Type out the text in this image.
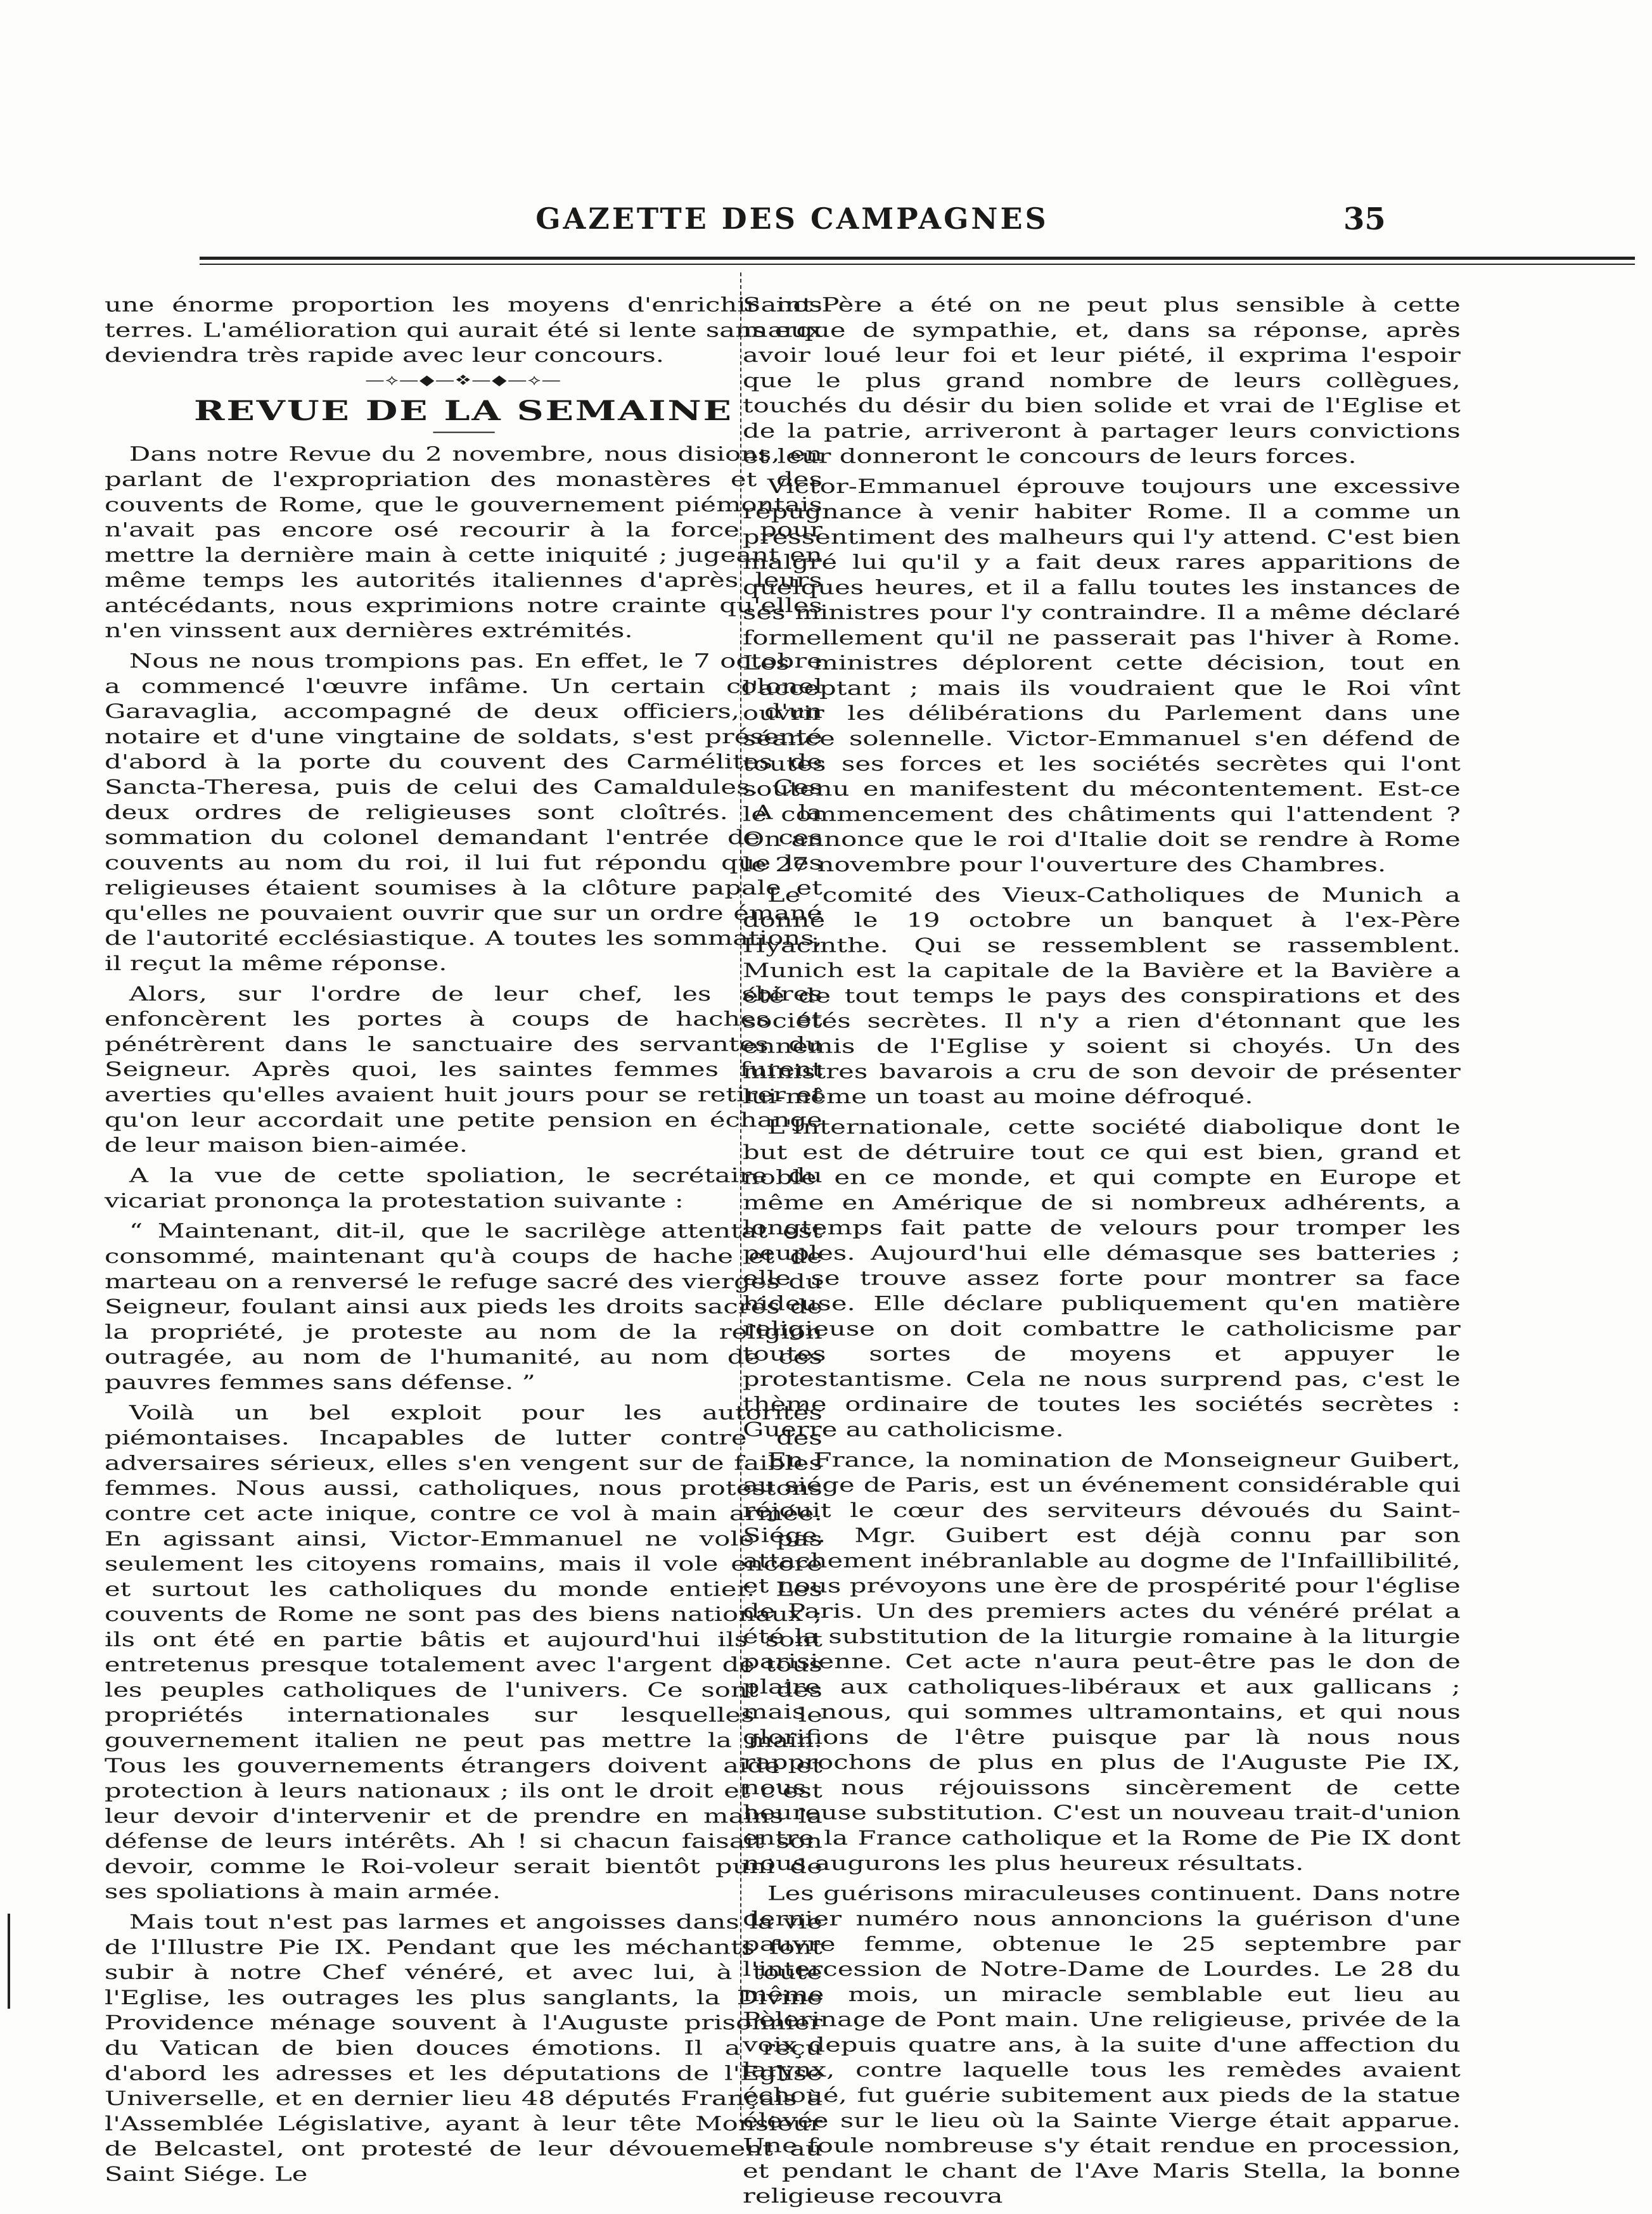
GAZETTE DES CAMPAGNES	35

une énorme proportion les moyens d'enrichir nos terres. L'amélioration qui aurait été si lente sans eux deviendra très rapide avec leur concours.

—⟡—◆—❖—◆—⟡—
REVUE DE LA SEMAINE

Dans notre Revue du 2 novembre, nous disions, en parlant de l'expropriation des monastères et des couvents de Rome, que le gouvernement piémontais n'avait pas encore osé recourir à la force pour mettre la dernière main à cette iniquité ; jugeant en même temps les autorités italiennes d'après leurs antécédants, nous exprimions notre crainte qu'elles n'en vinssent aux dernières extrémités.

Nous ne nous trompions pas. En effet, le 7 octobre a commencé l'œuvre infâme. Un certain colonel Garavaglia, accompagné de deux officiers, d'un notaire et d'une vingtaine de soldats, s'est présenté d'abord à la porte du couvent des Carmélites de Sancta-Theresa, puis de celui des Camaldules. Ces deux ordres de religieuses sont cloîtrés. A la sommation du colonel demandant l'entrée de ces couvents au nom du roi, il lui fut répondu que les religieuses étaient soumises à la clôture papale et qu'elles ne pouvaient ouvrir que sur un ordre émané de l'autorité ecclésiastique. A toutes les sommations, il reçut la même réponse.

Alors, sur l'ordre de leur chef, les sbires enfoncèrent les portes à coups de haches et pénétrèrent dans le sanctuaire des servantes du Seigneur. Après quoi, les saintes femmes furent averties qu'elles avaient huit jours pour se retirer et qu'on leur accordait une petite pension en échange de leur maison bien-aimée.

A la vue de cette spoliation, le secrétaire du vicariat prononça la protestation suivante :

“ Maintenant, dit-il, que le sacrilège attentat est consommé, maintenant qu'à coups de hache et de marteau on a renversé le refuge sacré des vierges du Seigneur, foulant ainsi aux pieds les droits sacrés de la propriété, je proteste au nom de la religion outragée, au nom de l'humanité, au nom de ces pauvres femmes sans défense. ”

Voilà un bel exploit pour les autorités piémontaises. Incapables de lutter contre des adversaires sérieux, elles s'en vengent sur de faibles femmes. Nous aussi, catholiques, nous protestons contre cet acte inique, contre ce vol à main armée. En agissant ainsi, Victor-Emmanuel ne vole pas seulement les citoyens romains, mais il vole encore et surtout les catholiques du monde entier. Les couvents de Rome ne sont pas des biens nationaux ; ils ont été en partie bâtis et aujourd'hui ils sont entretenus presque totalement avec l'argent de tous les peuples catholiques de l'univers. Ce sont des propriétés internationales sur lesquelles le gouvernement italien ne peut pas mettre la main. Tous les gouvernements étrangers doivent aide et protection à leurs nationaux ; ils ont le droit et c'est leur devoir d'intervenir et de prendre en mains la défense de leurs intérêts. Ah ! si chacun faisait son devoir, comme le Roi-voleur serait bientôt puni de ses spoliations à main armée.

Mais tout n'est pas larmes et angoisses dans la vie de l'Illustre Pie IX. Pendant que les méchants font subir à notre Chef vénéré, et avec lui, à toute l'Eglise, les outrages les plus sanglants, la Divine Providence ménage souvent à l'Auguste prisonnier du Vatican de bien douces émotions. Il a reçu d'abord les adresses et les députations de l'Eglise Universelle, et en dernier lieu 48 députés Français à l'Assemblée Législative, ayant à leur tête Monsieur de Belcastel, ont protesté de leur dévouement au Saint Siége. Le

Saint-Père a été on ne peut plus sensible à cette marque de sympathie, et, dans sa réponse, après avoir loué leur foi et leur piété, il exprima l'espoir que le plus grand nombre de leurs collègues, touchés du désir du bien solide et vrai de l'Eglise et de la patrie, arriveront à partager leurs convictions et leur donneront le concours de leurs forces.

Victor-Emmanuel éprouve toujours une excessive répugnance à venir habiter Rome. Il a comme un pressentiment des malheurs qui l'y attend. C'est bien malgré lui qu'il y a fait deux rares apparitions de quelques heures, et il a fallu toutes les instances de ses ministres pour l'y contraindre. Il a même déclaré formellement qu'il ne passerait pas l'hiver à Rome. Les ministres déplorent cette décision, tout en l'acceptant ; mais ils voudraient que le Roi vînt ouvrir les délibérations du Parlement dans une séance solennelle. Victor-Emmanuel s'en défend de toutes ses forces et les sociétés secrètes qui l'ont soutenu en manifestent du mécontentement. Est-ce le commencement des châtiments qui l'attendent ? On annonce que le roi d'Italie doit se rendre à Rome le 27 novembre pour l'ouverture des Chambres.

Le comité des Vieux-Catholiques de Munich a donné le 19 octobre un banquet à l'ex-Père Hyacinthe. Qui se ressemblent se rassemblent. Munich est la capitale de la Bavière et la Bavière a été de tout temps le pays des conspirations et des sociétés secrètes. Il n'y a rien d'étonnant que les ennemis de l'Eglise y soient si choyés. Un des ministres bavarois a cru de son devoir de présenter lui-même un toast au moine défroqué.

L'Internationale, cette société diabolique dont le but est de détruire tout ce qui est bien, grand et noble en ce monde, et qui compte en Europe et même en Amérique de si nombreux adhérents, a longtemps fait patte de velours pour tromper les peuples. Aujourd'hui elle démasque ses batteries ; elle se trouve assez forte pour montrer sa face hideuse. Elle déclare publiquement qu'en matière religieuse on doit combattre le catholicisme par toutes sortes de moyens et appuyer le protestantisme. Cela ne nous surprend pas, c'est le thème ordinaire de toutes les sociétés secrètes : Guerre au catholicisme.

En France, la nomination de Monseigneur Guibert, au siége de Paris, est un événement considérable qui réjouit le cœur des serviteurs dévoués du Saint-Siége. Mgr. Guibert est déjà connu par son attachement inébranlable au dogme de l'Infaillibilité, et nous prévoyons une ère de prospérité pour l'église de Paris. Un des premiers actes du vénéré prélat a été la substitution de la liturgie romaine à la liturgie parisienne. Cet acte n'aura peut-être pas le don de plaire aux catholiques-libéraux et aux gallicans ; mais nous, qui sommes ultramontains, et qui nous glorifions de l'être puisque par là nous nous rapprochons de plus en plus de l'Auguste Pie IX, nous nous réjouissons sincèrement de cette heureuse substitution. C'est un nouveau trait-d'union entre la France catholique et la Rome de Pie IX dont nous augurons les plus heureux résultats.

Les guérisons miraculeuses continuent. Dans notre dernier numéro nous annoncions la guérison d'une pauvre femme, obtenue le 25 septembre par l'intercession de Notre-Dame de Lourdes. Le 28 du même mois, un miracle semblable eut lieu au Pèlerinage de Pont main. Une religieuse, privée de la voix depuis quatre ans, à la suite d'une affection du larynx, contre laquelle tous les remèdes avaient échoué, fut guérie subitement aux pieds de la statue élevée sur le lieu où la Sainte Vierge était apparue. Une foule nombreuse s'y était rendue en procession, et pendant le chant de l'Ave Maris Stella, la bonne religieuse recouvra
